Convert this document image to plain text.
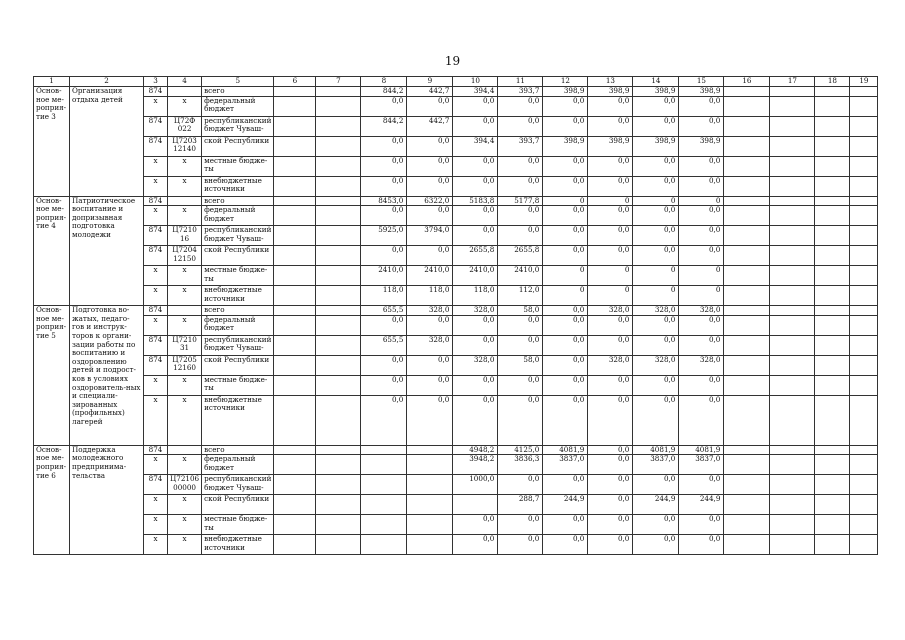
19
1	2	3	4	5	6	7	8	9	10	11	12	13	14	15	16	17	18	19
Основ-ное ме-роприя-тие 3	Организация отдыха детей	874		всего			844,2	442,7	394,4	393,7	398,9	398,9	398,9	398,9				
		х	х	федеральный бюджет			0,0	0,0	0,0	0,0	0,0	0,0	0,0	0,0				
		874	Ц72Ф 022	республиканский бюджет Чуваш-			844,2	442,7	0,0	0,0	0,0	0,0	0,0	0,0				
		874	Ц7203 12140	ской Республики			0,0	0,0	394,4	393,7	398,9	398,9	398,9	398,9				
		х	х	местные бюдже-ты			0,0	0,0	0,0	0,0	0,0	0,0	0,0	0,0				
		х	х	внебюджетные источники			0,0	0,0	0,0	0,0	0,0	0,0	0,0	0,0				
Основ-ное ме-роприя-тие 4	Патриотическое воспитание и допризывная подготовка молодежи	874		всего			8453,0	6322,0	5183,8	5177,8	0	0	0	0				
		х	х	федеральный бюджет			0,0	0,0	0,0	0,0	0,0	0,0	0,0	0,0				
		874	Ц7210 16	республиканский бюджет Чуваш-			5925,0	3794,0	0,0	0,0	0,0	0,0	0,0	0,0				
		874	Ц7204 12150	ской Республики			0,0	0,0	2655,8	2655,8	0,0	0,0	0,0	0,0				
		х	х	местные бюдже-ты			2410,0	2410,0	2410,0	2410,0	0	0	0	0				
		х	х	внебюджетные источники			118,0	118,0	118,0	112,0	0	0	0	0				
Основ-ное ме-роприя-тие 5	Подготовка во-жатых, педаго-гов и инструк-торов к органи-зации работы по воспитанию и оздоровлению детей и подрост-ков в условиях оздоровитель-ных и специали-зированных (профильных) лагерей	874		всего			655,5	328,0	328,0	58,0	0,0	328,0	328,0	328,0				
		х	х	федеральный бюджет			0,0	0,0	0,0	0,0	0,0	0,0	0,0	0,0				
		874	Ц7210 31	республиканский бюджет Чуваш-			655,5	328,0	0,0	0,0	0,0	0,0	0,0	0,0				
		874	Ц7205 12160	ской Республики			0,0	0,0	328,0	58,0	0,0	328,0	328,0	328,0				
		х	х	местные бюдже-ты			0,0	0,0	0,0	0,0	0,0	0,0	0,0	0,0				
		х	х	внебюджетные источники			0,0	0,0	0,0	0,0	0,0	0,0	0,0	0,0				
Основ-ное ме-роприя-тие 6	Поддержка молодежного предпринима-тельства	874		всего					4948,2	4125,0	4081,9	0,0	4081,9	4081,9				
		х	х	федеральный бюджет					3948,2	3836,3	3837,0	0,0	3837,0	3837,0				
		874	Ц72106 00000	республиканский бюджет Чуваш-					1000,0	0,0	0,0	0,0	0,0	0,0				
		х	х	ской Республики						288,7	244,9	0,0	244,9	244,9				
		х	х	местные бюдже-ты					0,0	0,0	0,0	0,0	0,0	0,0				
		х	х	внебюджетные источники					0,0	0,0	0,0	0,0	0,0	0,0				
